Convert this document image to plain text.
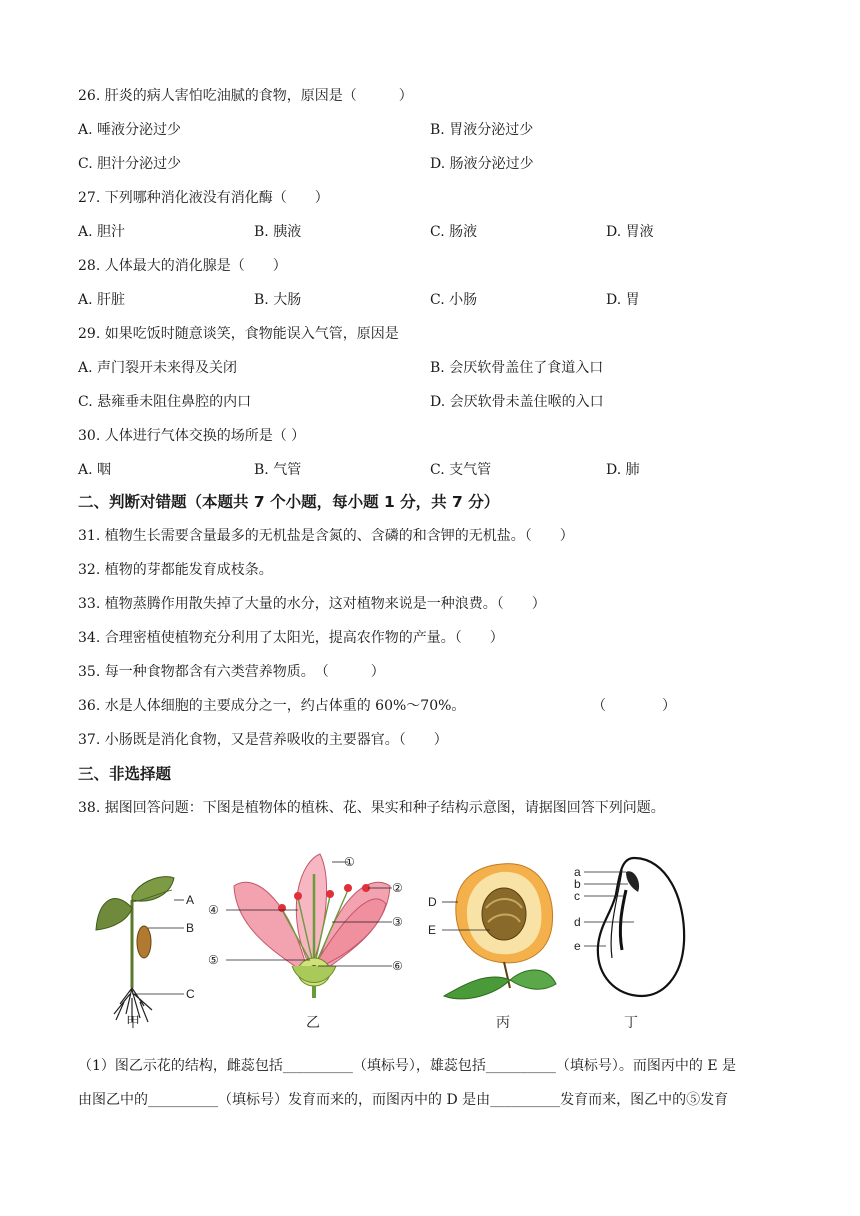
26. 肝炎的病人害怕吃油腻的食物，原因是（　　　）
A. 唾液分泌过少	B. 胃液分泌过少
C. 胆汁分泌过少	D. 肠液分泌过少
27. 下列哪种消化液没有消化酶（　　）
A. 胆汁	B. 胰液	C. 肠液	D. 胃液
28. 人体最大的消化腺是（　　）
A. 肝脏	B. 大肠	C. 小肠	D. 胃
29. 如果吃饭时随意谈笑，食物能误入气管，原因是
A. 声门裂开未来得及关闭	B. 会厌软骨盖住了食道入口
C. 悬雍垂未阻住鼻腔的内口	D. 会厌软骨未盖住喉的入口
30. 人体进行气体交换的场所是（ ）
A. 咽	B. 气管	C. 支气管	D. 肺
二、判断对错题（本题共 7 个小题，每小题 1 分，共 7 分）
31. 植物生长需要含量最多的无机盐是含氮的、含磷的和含钾的无机盐。（　　）
32. 植物的芽都能发育成枝条。
33. 植物蒸腾作用散失掉了大量的水分，这对植物来说是一种浪费。（　　）
34. 合理密植使植物充分利用了太阳光，提高农作物的产量。（　　）
35. 每一种食物都含有六类营养物质。　（　　　）
36. 水是人体细胞的主要成分之一，约占体重的 60%～70%。	（　　　　）
37. 小肠既是消化食物，又是营养吸收的主要器官。（　　）
三、非选择题
38. 据图回答问题：下图是植物体的植株、花、果实和种子结构示意图，请据图回答下列问题。
A
B
C
甲
①
②
③
④
⑤	⑥
乙
D
E
丙
a
b
c
d
e
丁
（1）图乙示花的结构，雌蕊包括__________（填标号），雄蕊包括__________（填标号）。而图丙中的 E 是
由图乙中的__________（填标号）发育而来的，而图丙中的 D 是由__________发育而来，图乙中的⑤发育
